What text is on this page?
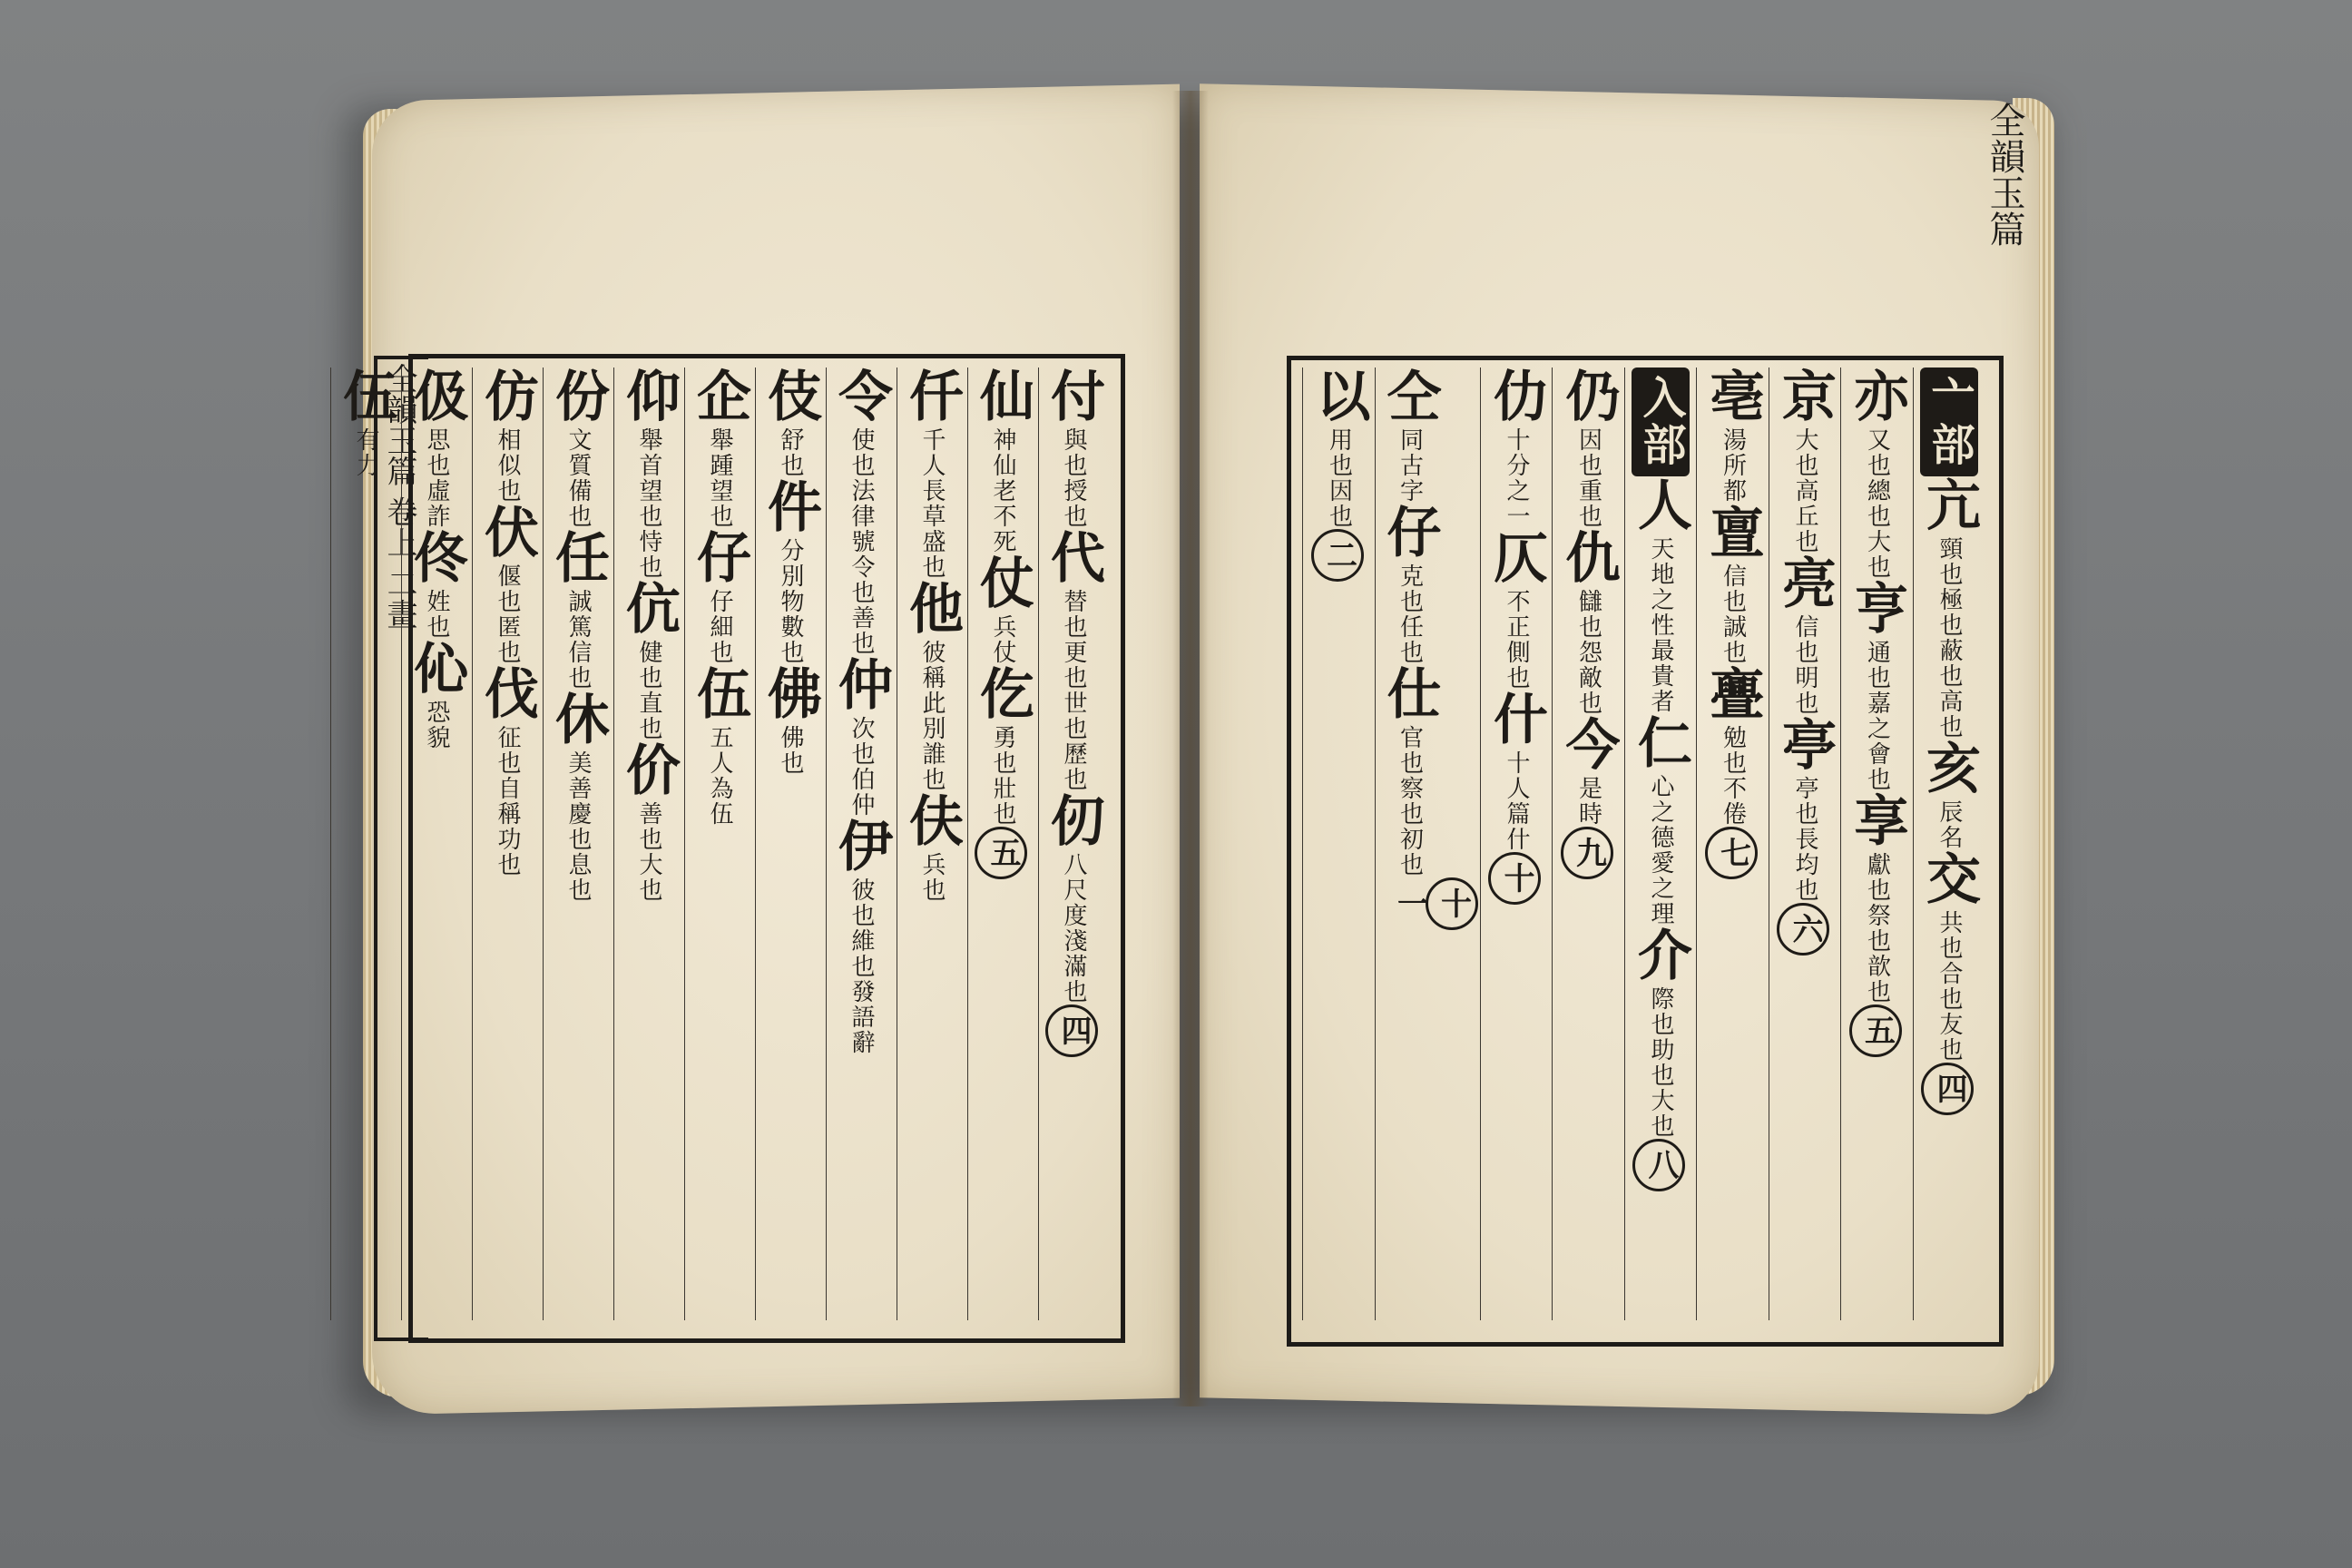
全韻玉篇 卷上 二畫
全韻玉篇
付與也授也代替也更也世也歷也仞八尺度淺滿也四
仙神仙老不死仗兵仗仡勇也壯也五
仟千人長草盛也他彼稱此別誰也伕兵也
令使也法律號令也善也仲次也伯仲伊彼也維也發語辭
伎舒也件分別物數也佛佛也
企舉踵望也仔仔細也伍五人為伍
仰舉首望也恃也伉健也直也价善也大也
份文質備也任誠篤信也休美善慶也息也
仿相似也伏偃也匿也伐征也自稱功也
伋思也虛詐佟姓也伈恐貌
伍有力	亠部亢頸也極也蔽也高也亥辰名交共也合也友也四
亦又也總也大也亨通也嘉之會也享獻也祭也歆也五
京大也高丘也亮信也明也亭亭也長均也六
亳湯所都亶信也誠也亹勉也不倦七
入部人天地之性最貴者仁心之德愛之理介際也助也大也八
仍因也重也仇讎也怨敵也今是時九
仂十分之一仄不正側也什十人篇什十
仝同古字仔克也任也仕官也察也初也十一
以用也因也二
